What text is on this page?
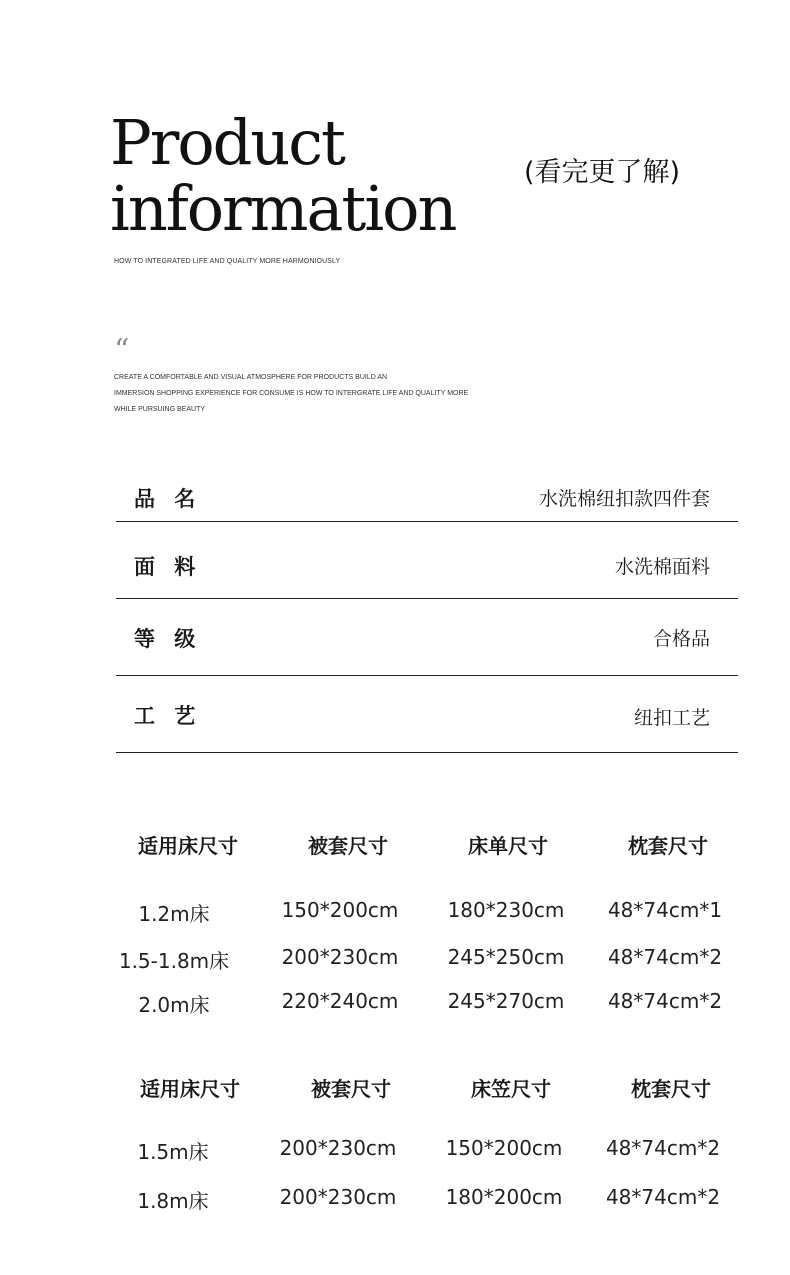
Product
information	(看完更了解)
HOW TO INTEGRATED LIFE AND QUALITY MORE HARMONIOUSLY
“
CREATE A COMFORTABLE AND VISUAL ATMOSPHERE FOR PRODUCTS BUILD AN
IMMERSION SHOPPING EXPERIENCE FOR CONSUME IS HOW TO INTERGRATE LIFE AND QUALITY MORE
WHILE PURSUING BEAUTY
品 名	水洗棉纽扣款四件套
面 料	水洗棉面料
等 级	合格品
工 艺	纽扣工艺
适用床尺寸	被套尺寸	床单尺寸	枕套尺寸
1.2m床	150*200cm	180*230cm	48*74cm*1
1.5-1.8m床	200*230cm	245*250cm	48*74cm*2
2.0m床	220*240cm	245*270cm	48*74cm*2
适用床尺寸	被套尺寸	床笠尺寸	枕套尺寸
1.5m床	200*230cm	150*200cm	48*74cm*2
1.8m床	200*230cm	180*200cm	48*74cm*2
